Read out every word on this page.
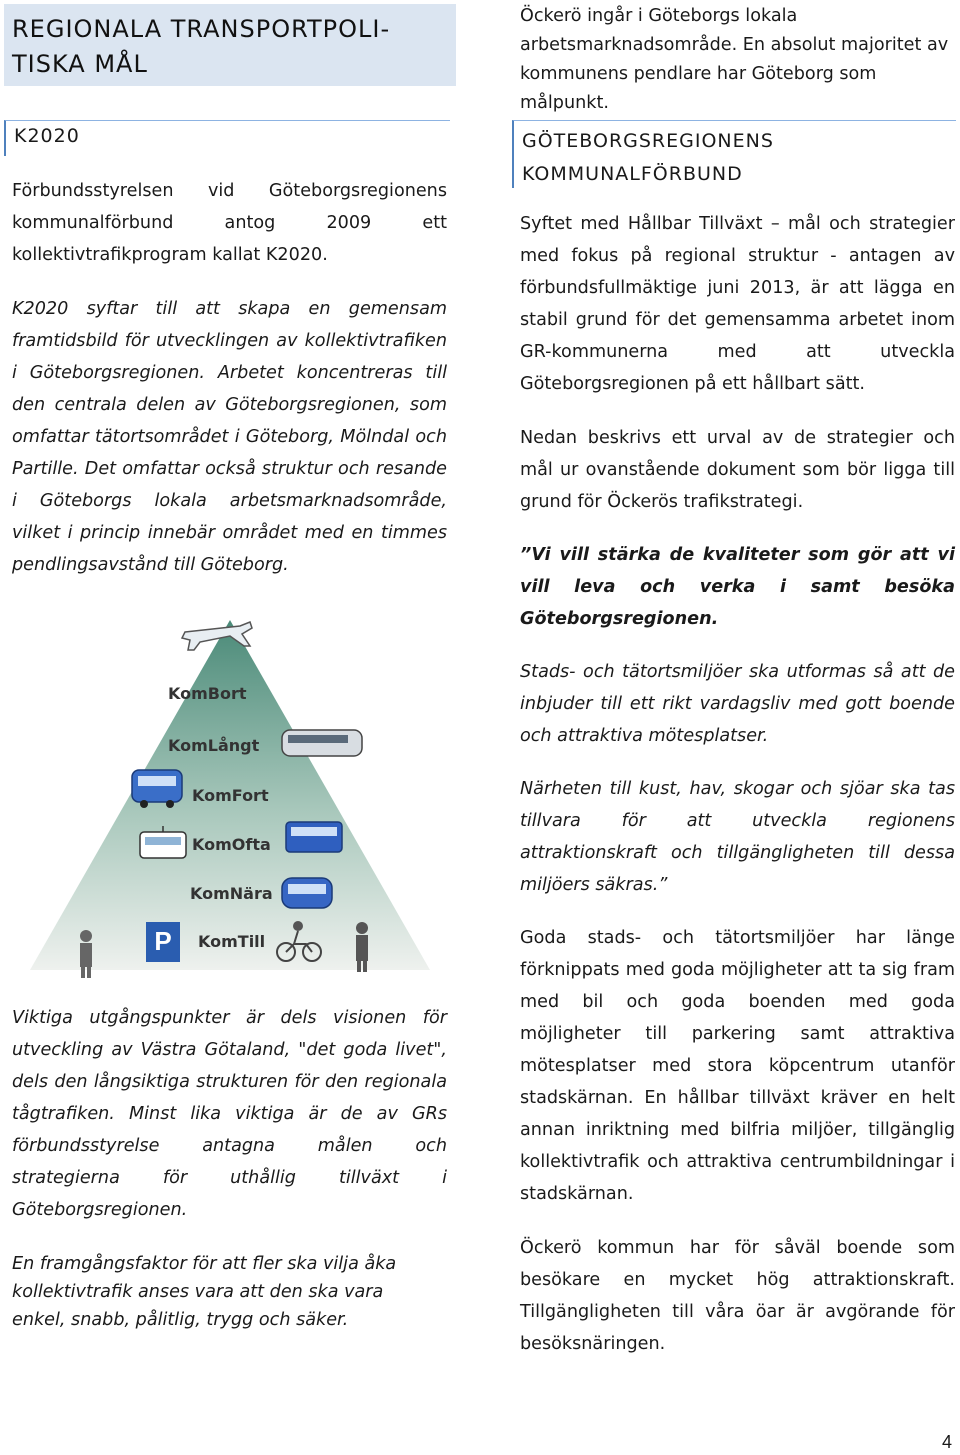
REGIONALA TRANSPORTPOLI-
TISKA MÅL
K2020

Förbundsstyrelsen vid Göteborgsregionens kommunalförbund antog 2009 ett kollektivtrafikprogram kallat K2020.

K2020 syftar till att skapa en gemensam framtidsbild för utvecklingen av kollektivtrafiken i Göteborgsregionen. Arbetet koncentreras till den centrala delen av Göteborgsregionen, som omfattar tätortsområdet i Göteborg, Mölndal och Partille. Det omfattar också struktur och resande i Göteborgs lokala arbetsmarknadsområde, vilket i princip innebär området med en timmes pendlingsavstånd till Göteborg.

P
KomBort
KomLångt
KomFort
KomOfta
KomNära
KomTill

Viktiga utgångspunkter är dels visionen för utveckling av Västra Götaland, "det goda livet", dels den långsiktiga strukturen för den regionala tågtrafiken. Minst lika viktiga är de av GRs förbundsstyrelse antagna målen och strategierna för uthållig tillväxt i Göteborgsregionen.

En framgångsfaktor för att fler ska vilja åka kollektivtrafik anses vara att den ska vara enkel, snabb, pålitlig, trygg och säker.

Öckerö ingår i Göteborgs lokala arbetsmarknadsområde. En absolut majoritet av kommunens pendlare har Göteborg som målpunkt.

GÖTEBORGSREGIONENS KOMMUNALFÖRBUND

Syftet med Hållbar Tillväxt – mål och strategier med fokus på regional struktur - antagen av förbundsfullmäktige juni 2013, är att lägga en stabil grund för det gemensamma arbetet inom GR-kommunerna med att utveckla Göteborgsregionen på ett hållbart sätt.

Nedan beskrivs ett urval av de strategier och mål ur ovanstående dokument som bör ligga till grund för Öckerös trafikstrategi.

”Vi vill stärka de kvaliteter som gör att vi vill leva och verka i samt besöka Göteborgsregionen.

Stads- och tätortsmiljöer ska utformas så att de inbjuder till ett rikt vardagsliv med gott boende och attraktiva mötesplatser.

Närheten till kust, hav, skogar och sjöar ska tas tillvara för att utveckla regionens attraktionskraft och tillgängligheten till dessa miljöers säkras.”

Goda stads- och tätortsmiljöer har länge förknippats med goda möjligheter att ta sig fram med bil och goda boenden med goda möjligheter till parkering samt attraktiva mötesplatser med stora köpcentrum utanför stadskärnan. En hållbar tillväxt kräver en helt annan inriktning med bilfria miljöer, tillgänglig kollektivtrafik och attraktiva centrumbildningar i stadskärnan.

Öckerö kommun har för såväl boende som besökare en mycket hög attraktionskraft. Tillgängligheten till våra öar är avgörande för besöksnäringen.

4
